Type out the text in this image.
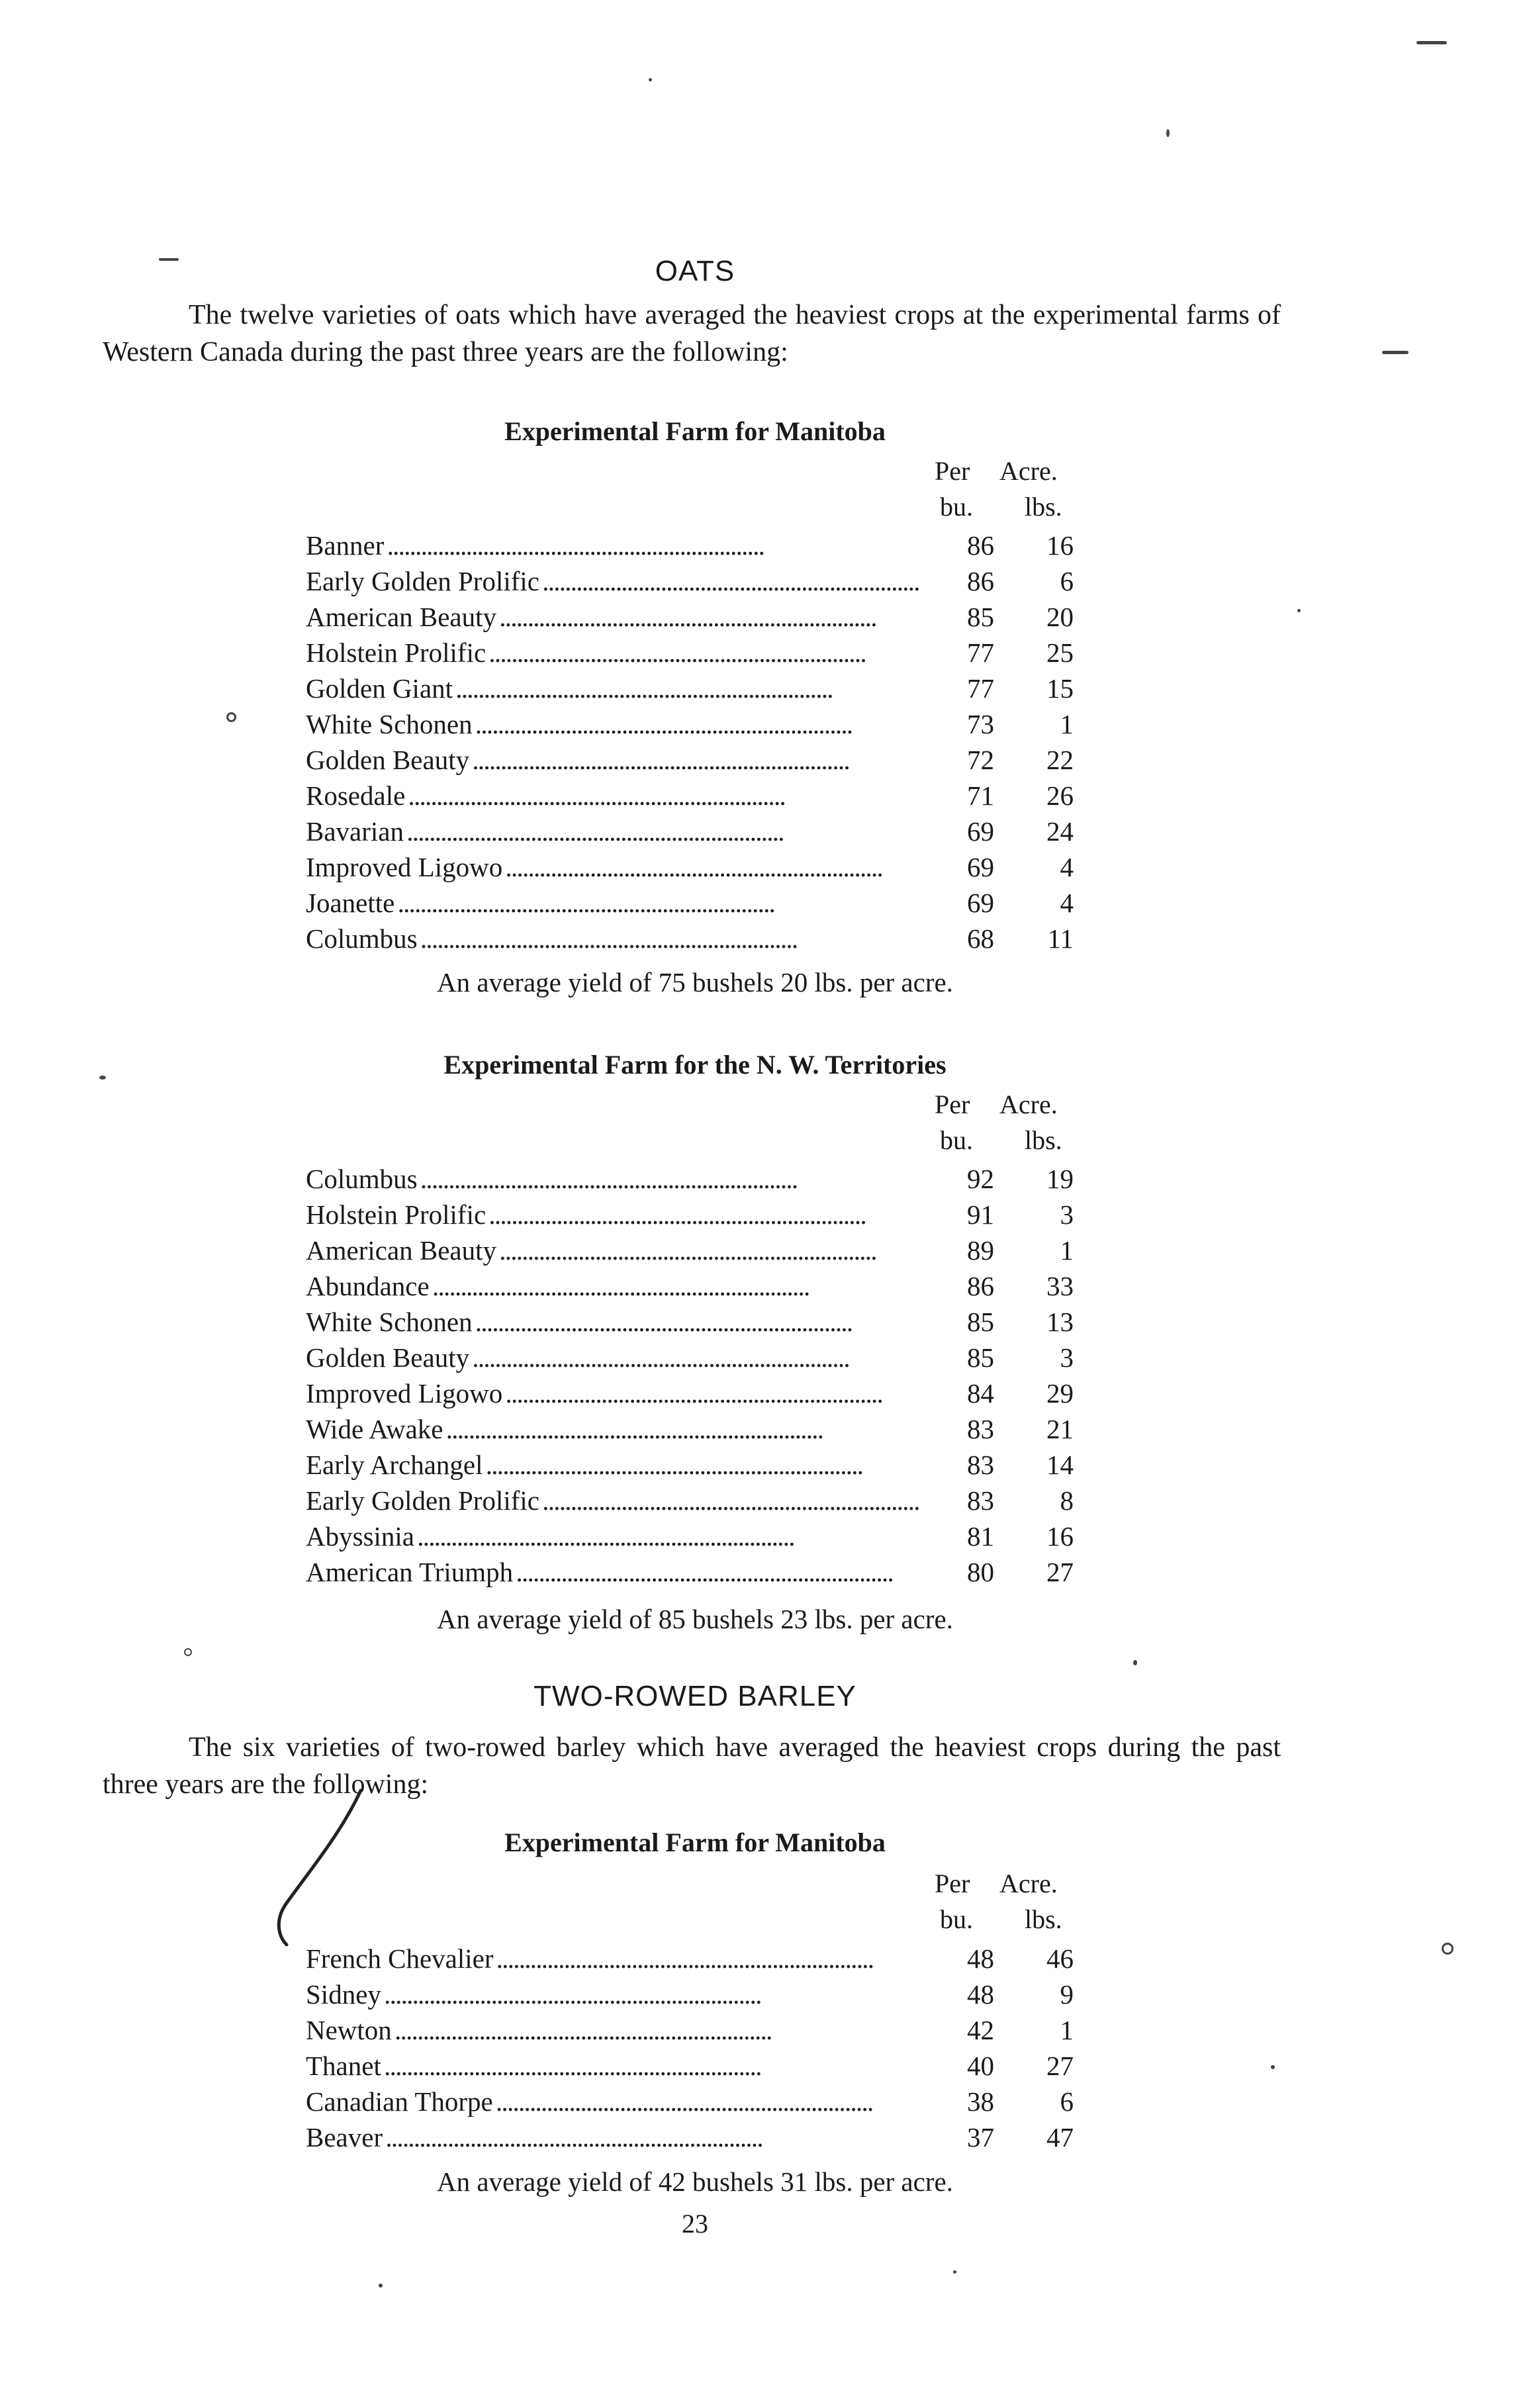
OATS
The twelve varieties of oats which have averaged the heaviest crops at the experimental farms of Western Canada during the past three years are the following:
Experimental Farm for Manitoba
Per Acre.
bu. lbs.
Banner . . .	86	16
Early Golden Prolific . . .	86	6
American Beauty . . .	85	20
Holstein Prolific . . .	77	25
Golden Giant . . .	77	15
White Schonen . . .	73	1
Golden Beauty . . .	72	22
Rosedale . . .	71	26
Bavarian . . .	69	24
Improved Ligowo . . .	69	4
Joanette . . .	69	4
Columbus . . .	68	11
An average yield of 75 bushels 20 lbs. per acre.
Experimental Farm for the N. W. Territories
Per Acre.
bu. lbs.
Columbus . . .	92	19
Holstein Prolific . . .	91	3
American Beauty . . .	89	1
Abundance . . .	86	33
White Schonen . . .	85	13
Golden Beauty . . .	85	3
Improved Ligowo . . .	84	29
Wide Awake . . .	83	21
Early Archangel . . .	83	14
Early Golden Prolific . . .	83	8
Abyssinia . . .	81	16
American Triumph . . .	80	27
An average yield of 85 bushels 23 lbs. per acre.
TWO-ROWED BARLEY
The six varieties of two-rowed barley which have averaged the heaviest crops during the past three years are the following:
Experimental Farm for Manitoba
Per Acre.
bu. lbs.
French Chevalier . . .	48	46
Sidney . . .	48	9
Newton . . .	42	1
Thanet . . .	40	27
Canadian Thorpe . . .	38	6
Beaver . . .	37	47
An average yield of 42 bushels 31 lbs. per acre.
23
